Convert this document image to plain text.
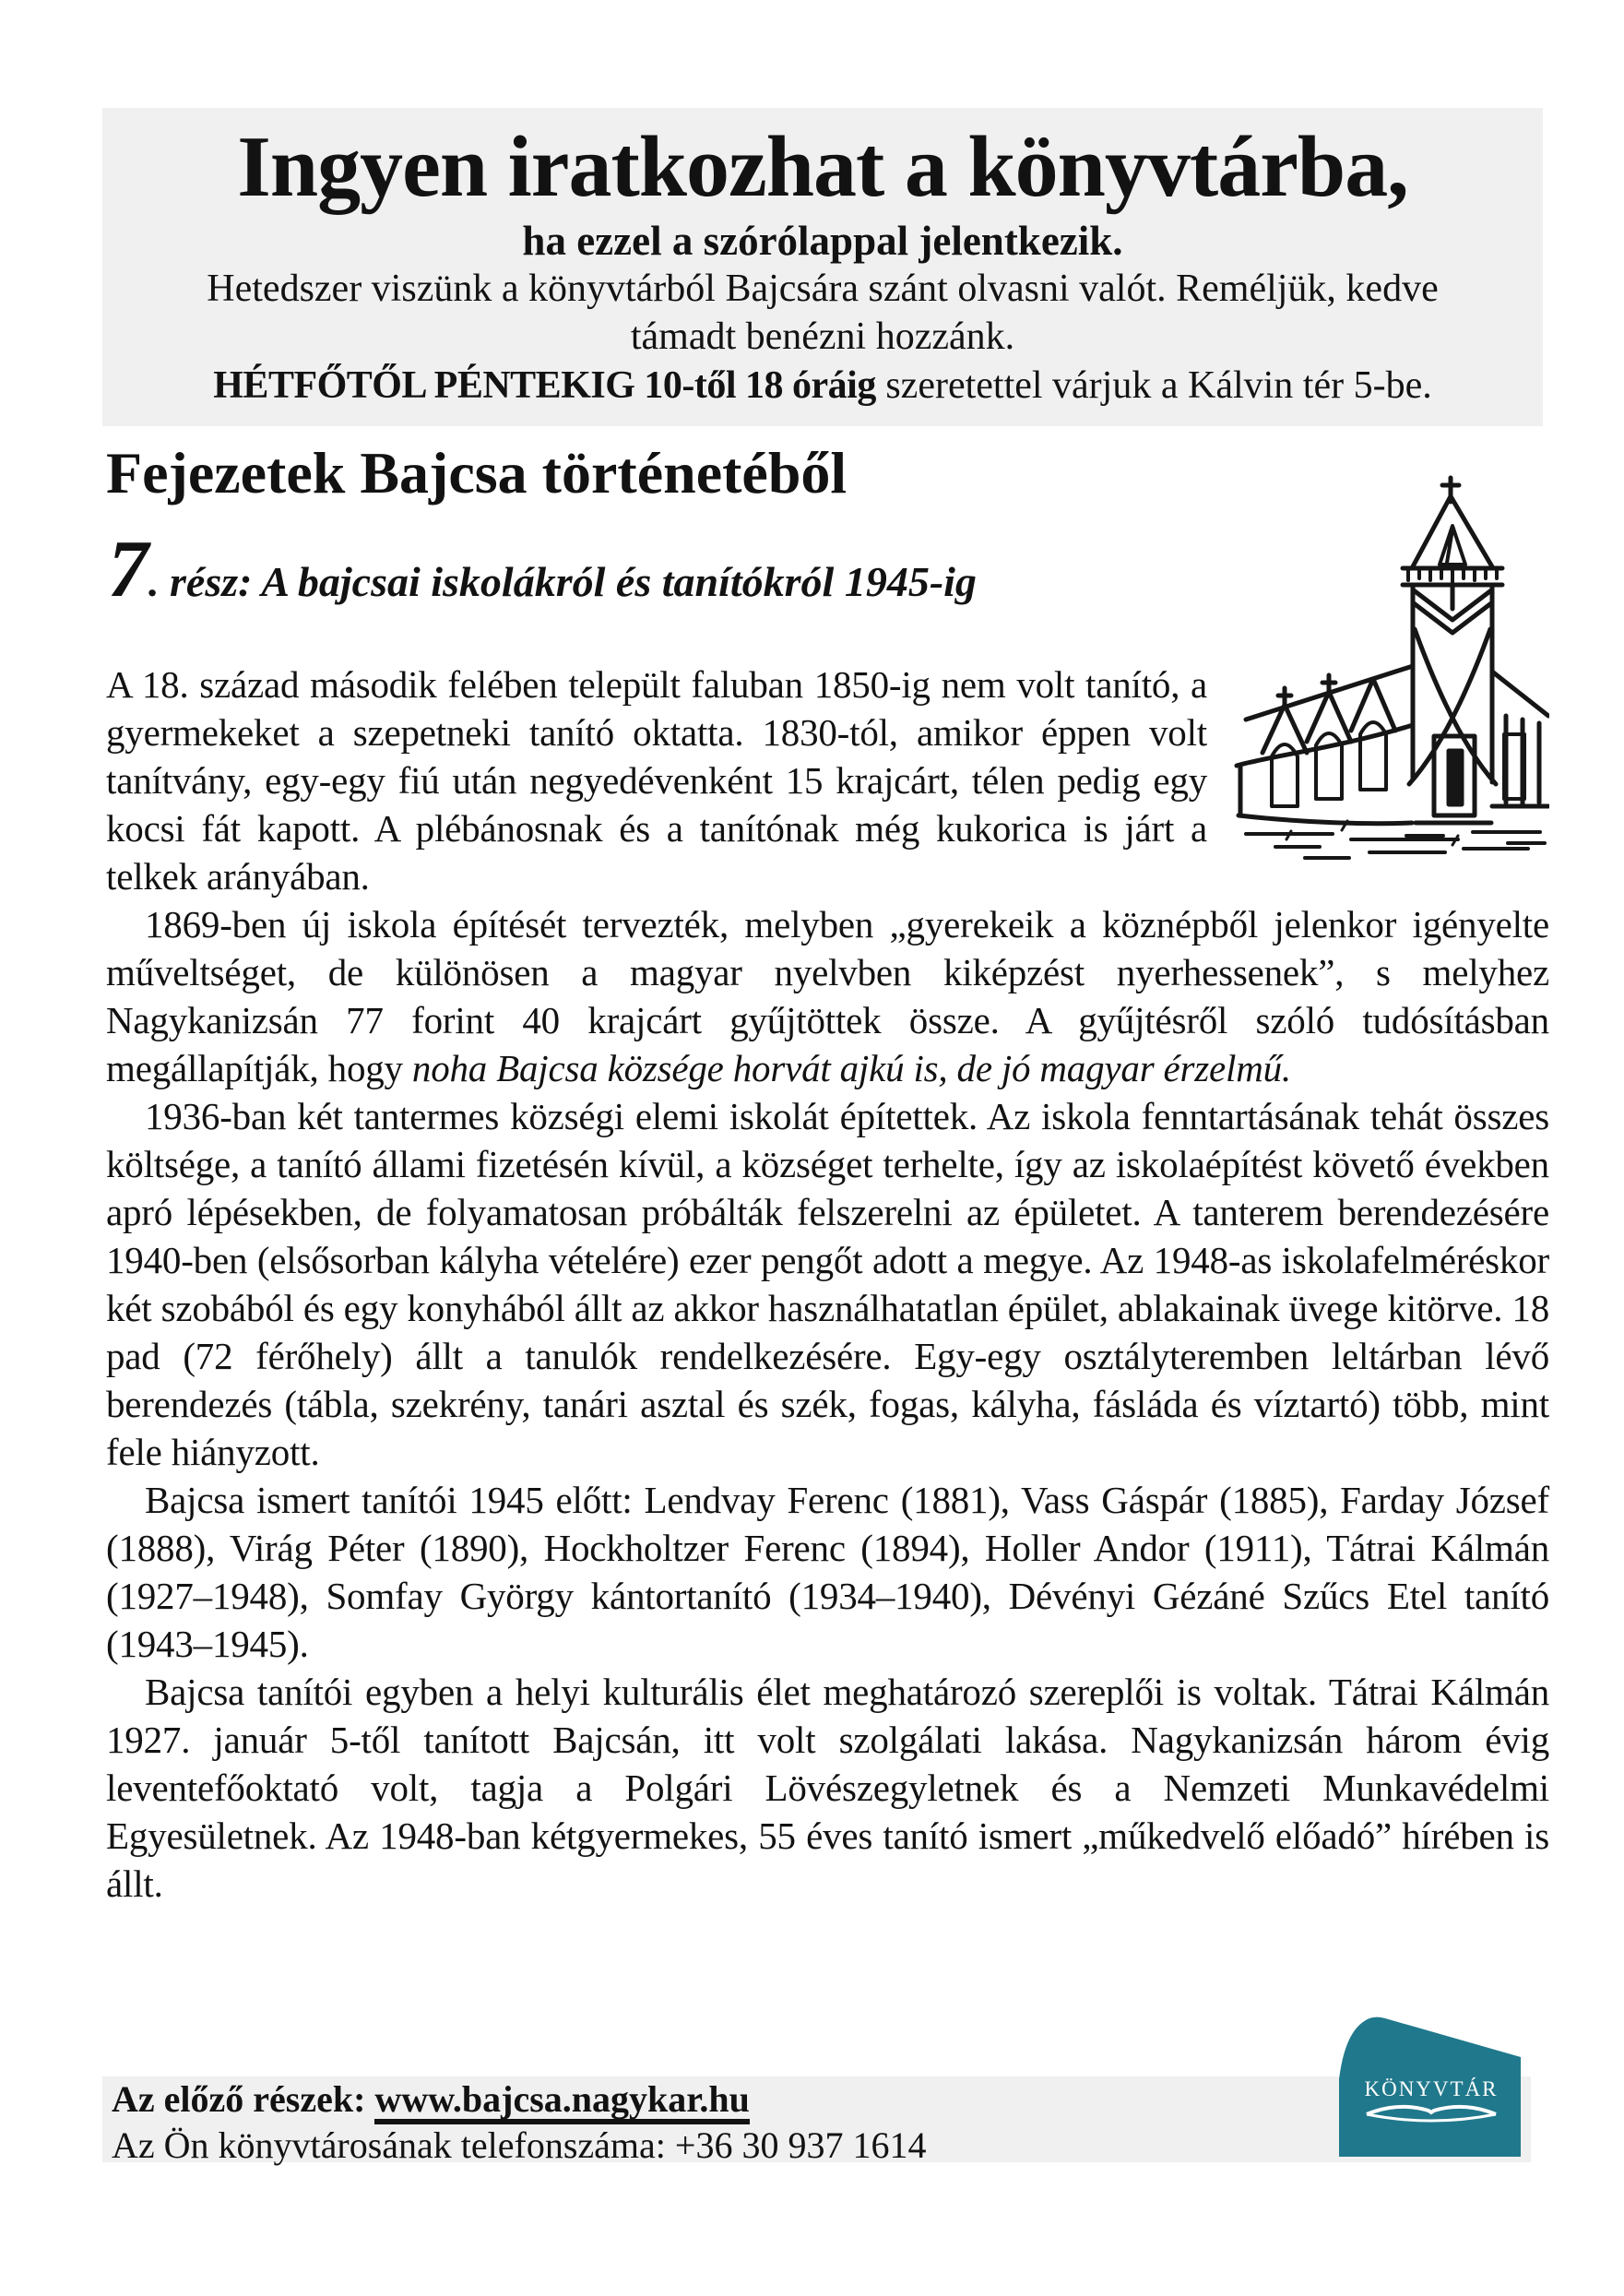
Ingyen iratkozhat a könyvtárba,
ha ezzel a szórólappal jelentkezik.
Hetedszer viszünk a könyvtárból Bajcsára szánt olvasni valót. Reméljük, kedve
támadt benézni hozzánk.
HÉTFŐTŐL PÉNTEKIG 10-től 18 óráig szeretettel várjuk a Kálvin tér 5-be.
Fejezetek Bajcsa történetéből
7. rész: A bajcsai iskolákról és tanítókról 1945-ig

A 18. század második felében települt faluban 1850-ig nem volt tanító, a gyermekeket a szepetneki tanító oktatta. 1830-tól, amikor éppen volt tanítvány, egy-egy fiú után negyedévenként 15 krajcárt, télen pedig egy kocsi fát kapott. A plébánosnak és a tanítónak még kukorica is járt a telkek arányában.

1869-ben új iskola építését tervezték, melyben „gyerekeik a köznépből jelenkor igényelte műveltséget, de különösen a magyar nyelvben kiképzést nyerhessenek”, s melyhez Nagykanizsán 77 forint 40 krajcárt gyűjtöttek össze. A gyűjtésről szóló tudósításban megállapítják, hogy noha Bajcsa községe horvát ajkú is, de jó magyar érzelmű.

1936-ban két tantermes községi elemi iskolát építettek. Az iskola fenntartásának tehát összes költsége, a tanító állami fizetésén kívül, a községet terhelte, így az iskolaépítést követő években apró lépésekben, de folyamatosan próbálták felszerelni az épületet. A tanterem berendezésére 1940-ben (elsősorban kályha vételére) ezer pengőt adott a megye. Az 1948-as iskolafelméréskor két szobából és egy konyhából állt az akkor használhatatlan épület, ablakainak üvege kitörve. 18 pad (72 férőhely) állt a tanulók rendelkezésére. Egy-egy osztályteremben leltárban lévő berendezés (tábla, szekrény, tanári asztal és szék, fogas, kályha, fásláda és víztartó) több, mint fele hiányzott.

Bajcsa ismert tanítói 1945 előtt: Lendvay Ferenc (1881), Vass Gáspár (1885), Farday József (1888), Virág Péter (1890), Hockholtzer Ferenc (1894), Holler Andor (1911), Tátrai Kálmán (1927–1948), Somfay György kántortanító (1934–1940), Dévényi Gézáné Szűcs Etel tanító (1943–1945).

Bajcsa tanítói egyben a helyi kulturális élet meghatározó szereplői is voltak. Tátrai Kálmán 1927. január 5-től tanított Bajcsán, itt volt szolgálati lakása. Nagykanizsán három évig leventefőoktató volt, tagja a Polgári Lövészegyletnek és a Nemzeti Munkavédelmi Egyesületnek. Az 1948-ban kétgyermekes, 55 éves tanító ismert „műkedvelő előadó” hírében is állt.

Az előző részek: www.bajcsa.nagykar.hu
Az Ön könyvtárosának telefonszáma: +36 30 937 1614
KÖNYVTÁR
